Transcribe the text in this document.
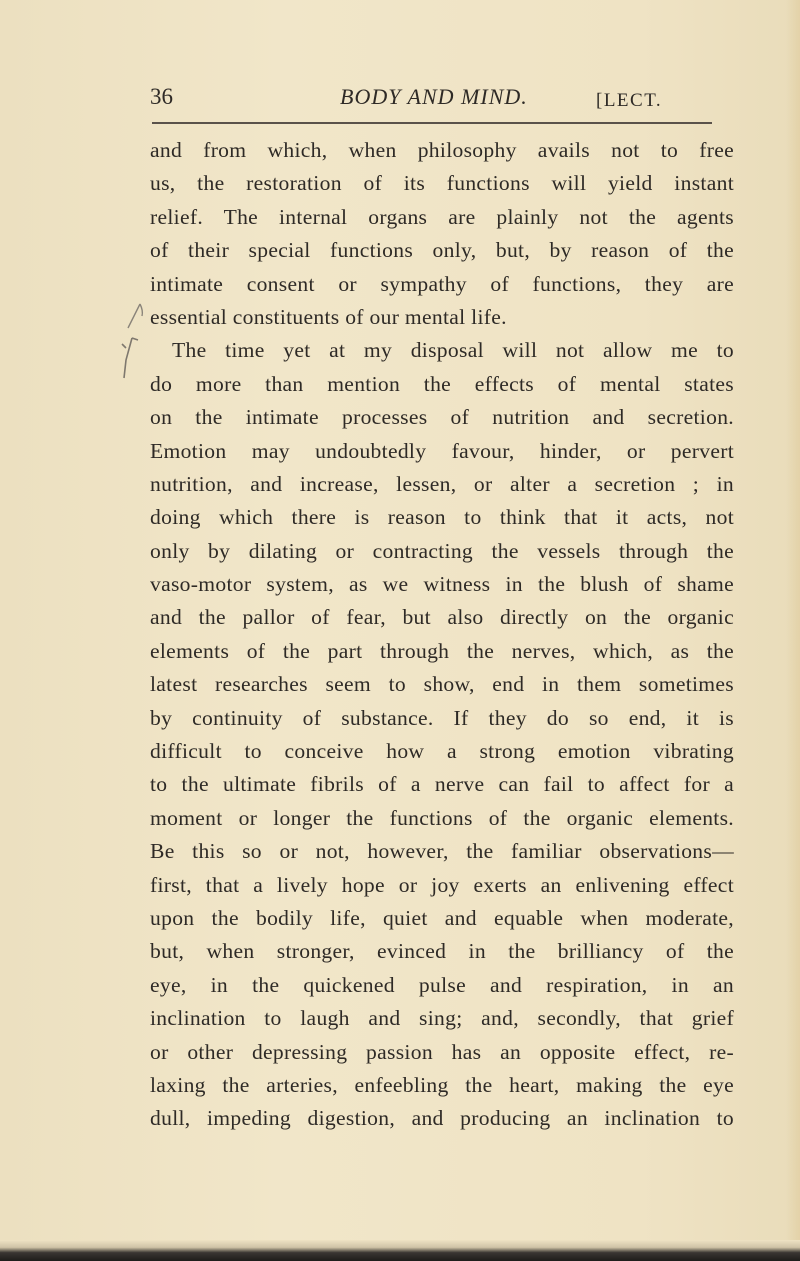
36	BODY AND MIND.	[LECT.
and from which, when philosophy avails not to free
us, the restoration of its functions will yield instant
relief. The internal organs are plainly not the agents
of their special functions only, but, by reason of the
intimate consent or sympathy of functions, they are
essential constituents of our mental life.
The time yet at my disposal will not allow me to
do more than mention the effects of mental states
on the intimate processes of nutrition and secretion.
Emotion may undoubtedly favour, hinder, or pervert
nutrition, and increase, lessen, or alter a secretion ; in
doing which there is reason to think that it acts, not
only by dilating or contracting the vessels through the
vaso-motor system, as we witness in the blush of shame
and the pallor of fear, but also directly on the organic
elements of the part through the nerves, which, as the
latest researches seem to show, end in them sometimes
by continuity of substance. If they do so end, it is
difficult to conceive how a strong emotion vibrating
to the ultimate fibrils of a nerve can fail to affect for a
moment or longer the functions of the organic elements.
Be this so or not, however, the familiar observations—
first, that a lively hope or joy exerts an enlivening effect
upon the bodily life, quiet and equable when moderate,
but, when stronger, evinced in the brilliancy of the
eye, in the quickened pulse and respiration, in an
inclination to laugh and sing; and, secondly, that grief
or other depressing passion has an opposite effect, re-
laxing the arteries, enfeebling the heart, making the eye
dull, impeding digestion, and producing an inclination to
